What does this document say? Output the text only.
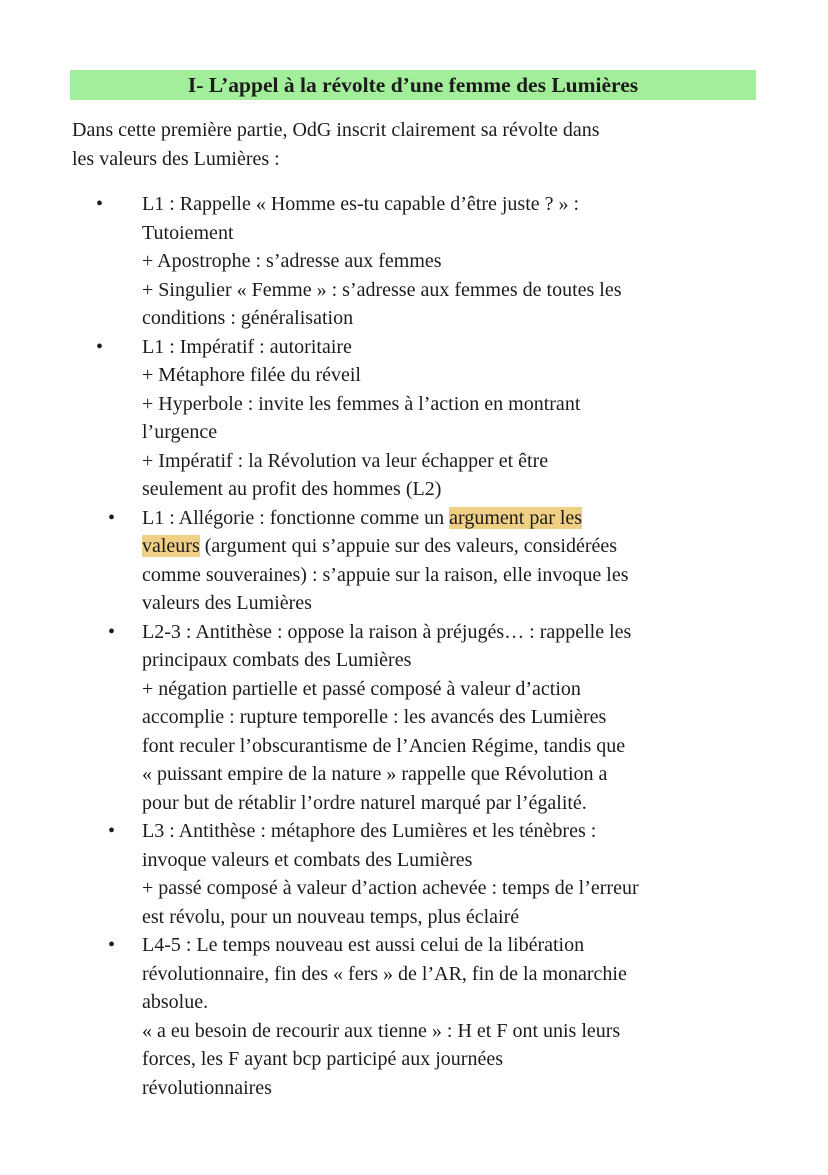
I- L’appel à la révolte d’une femme des Lumières

Dans cette première partie, OdG inscrit clairement sa révolte dans

les valeurs des Lumières :

• L1 : Rappelle « Homme es-tu capable d’être juste ? » :
Tutoiement
+ Apostrophe : s’adresse aux femmes
+ Singulier « Femme » : s’adresse aux femmes de toutes les
conditions : généralisation
• L1 : Impératif : autoritaire
+ Métaphore filée du réveil
+ Hyperbole : invite les femmes à l’action en montrant
l’urgence
+ Impératif : la Révolution va leur échapper et être
seulement au profit des hommes (L2)
• L1 : Allégorie : fonctionne comme un argument par les
valeurs (argument qui s’appuie sur des valeurs, considérées
comme souveraines) : s’appuie sur la raison, elle invoque les
valeurs des Lumières
• L2-3 : Antithèse : oppose la raison à préjugés… : rappelle les
principaux combats des Lumières
+ négation partielle et passé composé à valeur d’action
accomplie : rupture temporelle : les avancés des Lumières
font reculer l’obscurantisme de l’Ancien Régime, tandis que
« puissant empire de la nature » rappelle que Révolution a
pour but de rétablir l’ordre naturel marqué par l’égalité.
• L3 : Antithèse : métaphore des Lumières et les ténèbres :
invoque valeurs et combats des Lumières
+ passé composé à valeur d’action achevée : temps de l’erreur
est révolu, pour un nouveau temps, plus éclairé
• L4-5 : Le temps nouveau est aussi celui de la libération
révolutionnaire, fin des « fers » de l’AR, fin de la monarchie
absolue.
« a eu besoin de recourir aux tienne » : H et F ont unis leurs
forces, les F ayant bcp participé aux journées
révolutionnaires
